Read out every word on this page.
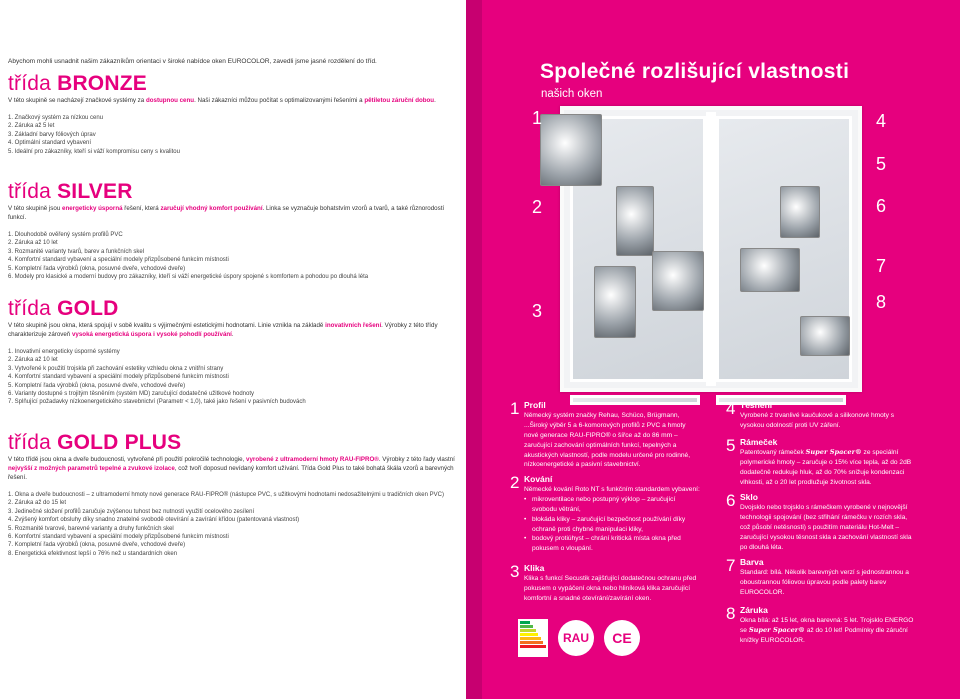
Abychom mohli usnadnit našim zákazníkům orientaci v široké nabídce oken EUROCOLOR, zavedli jsme jasné rozdělení do tříd.

třída BRONZE

V této skupině se nacházejí značkové systémy za dostupnou cenu. Naši zákazníci můžou počítat s optimalizovanými řešeními a pětiletou záruční dobou.

1. Značkový systém za nízkou cenu
2. Záruka až 5 let
3. Základní barvy fóliových úprav
4. Optimální standard vybavení
5. Ideální pro zákazníky, kteří si váží kompromisu ceny s kvalitou
třída SILVER

V této skupině jsou energeticky úsporná řešení, která zaručují vhodný komfort používání. Linka se vyznačuje bohatstvím vzorů a tvarů, a také různorodostí funkcí.

1. Dlouhodobě ověřený systém profilů PVC
2. Záruka až 10 let
3. Rozmanité varianty tvarů, barev a funkčních skel
4. Komfortní standard vybavení a speciální modely přizpůsobené funkcím místnosti
5. Kompletní řada výrobků (okna, posuvné dveře, vchodové dveře)
6. Modely pro klasické a moderní budovy pro zákazníky, kteří si váží energetické úspory spojené s komfortem a pohodou po dlouhá léta
třída GOLD

V této skupině jsou okna, která spojují v sobě kvalitu s výjimečnými estetickými hodnotami. Linie vznikla na základě inovativních řešení. Výrobky z této třídy charakterizuje zároveň vysoká energetická úspora i vysoké pohodlí používání.

1. Inovativní energeticky úsporné systémy
2. Záruka až 10 let
3. Vytvořené k použití trojskla při zachování estetiky vzhledu okna z vnitřní strany
4. Komfortní standard vybavení a speciální modely přizpůsobené funkcím místnosti
5. Kompletní řada výrobků (okna, posuvné dveře, vchodové dveře)
6. Varianty dostupné s trojitým těsněním (systém MD) zaručující dodatečné užitkové hodnoty
7. Splňující požadavky nízkoenergetického stavebnictví (Parametr < 1,0), také jako řešení v pasivních budovách
třída GOLD PLUS

V této třídě jsou okna a dveře budoucnosti, vytvořené při použití pokročilé technologie, vyrobené z ultramoderní hmoty RAU-FIPRO®. Výrobky z této řady vlastní nejvyšší z možných parametrů tepelné a zvukové izolace, což tvoří doposud nevídaný komfort užívání. Třída Gold Plus to také bohatá škála vzorů a barevných řešení.

1. Okna a dveře budoucnosti – z ultramoderní hmoty nové generace RAU-FIPRO® (nástupce PVC, s užitkovými hodnotami nedosažitelnými u tradičních oken PVC)
2. Záruka až do 15 let
3. Jedinečné složení profilů zaručuje zvýšenou tuhost bez nutnosti využití ocelového zesílení
4. Zvýšený komfort obsluhy díky snadno znatelné svobodě otevírání a zavírání křídou (patentovaná vlastnost)
5. Rozmanité tvarové, barevné varianty a druhy funkčních skel
6. Komfortní standard vybavení a speciální modely přizpůsobené funkcím místnosti
7. Kompletní řada výrobků (okna, posuvné dveře, vchodové dveře)
8. Energetická efektivnost lepší o 76% než u standardních oken
Společné rozlišující vlastnosti

našich oken

1
2
3
4
5
6
7
8
1 Profil

Německý systém značky Rehau, Schüco, Brügmann, ...Široký výběr 5 a 6-komorových profilů z PVC a hmoty nové generace RAU-FIPRO® o šířce až do 86 mm – zaručující zachování optimálních funkcí, tepelných a akustických vlastností, podle modelu určené pro rodinné, nízkoenergetické a pasivní stavebnictví.

2 Kování

Německé kování Roto NT s funkčním standardem vybavení:

• mikroventilace nebo postupný výklop – zaručující svobodu větrání,
• blokáda kliky – zaručující bezpečnost používání díky ochraně proti chybné manipulaci kliky,
• bodový protiúhyst – chrání kritická místa okna před pokusem o vloupání.
3 Klika

Klika s funkcí Secustik zajišťující dodatečnou ochranu před pokusem o vypáčení okna nebo hliníková klika zaručující komfortní a snadné otevírání/zavírání oken.

4 Těsnění

Vyrobené z trvanlivé kaučukové a silikonové hmoty s vysokou odolností proti UV záření.

5 Rámeček

Patentovaný rámeček Super Spacer® ze speciální polymerické hmoty – zaručuje o 15% více tepla, až do 2dB dodatečně redukuje hluk, až do 70% snižuje kondenzaci vlhkosti, až o 20 let prodlužuje životnost skla.

6 Sklo

Dvojsklo nebo trojsklo s rámečkem vyrobené v nejnovější technologii spojování (bez střihání rámečku v rozích skla, což působí netěsnosti) s použitím materiálu Hot-Melt – zaručující vysokou těsnost skla a zachování vlastností skla po dlouhá léta.

7 Barva

Standard: bílá. Několik barevných verzí s jednostrannou a oboustrannou fóliovou úpravou podle palety barev EUROCOLOR.

8 Záruka

Okna bílá: až 15 let, okna barevná: 5 let. Trojsklo ENERGO se Super Spacer® až do 10 let! Podmínky dle záruční knížky EUROCOLOR.

RAU	CE
